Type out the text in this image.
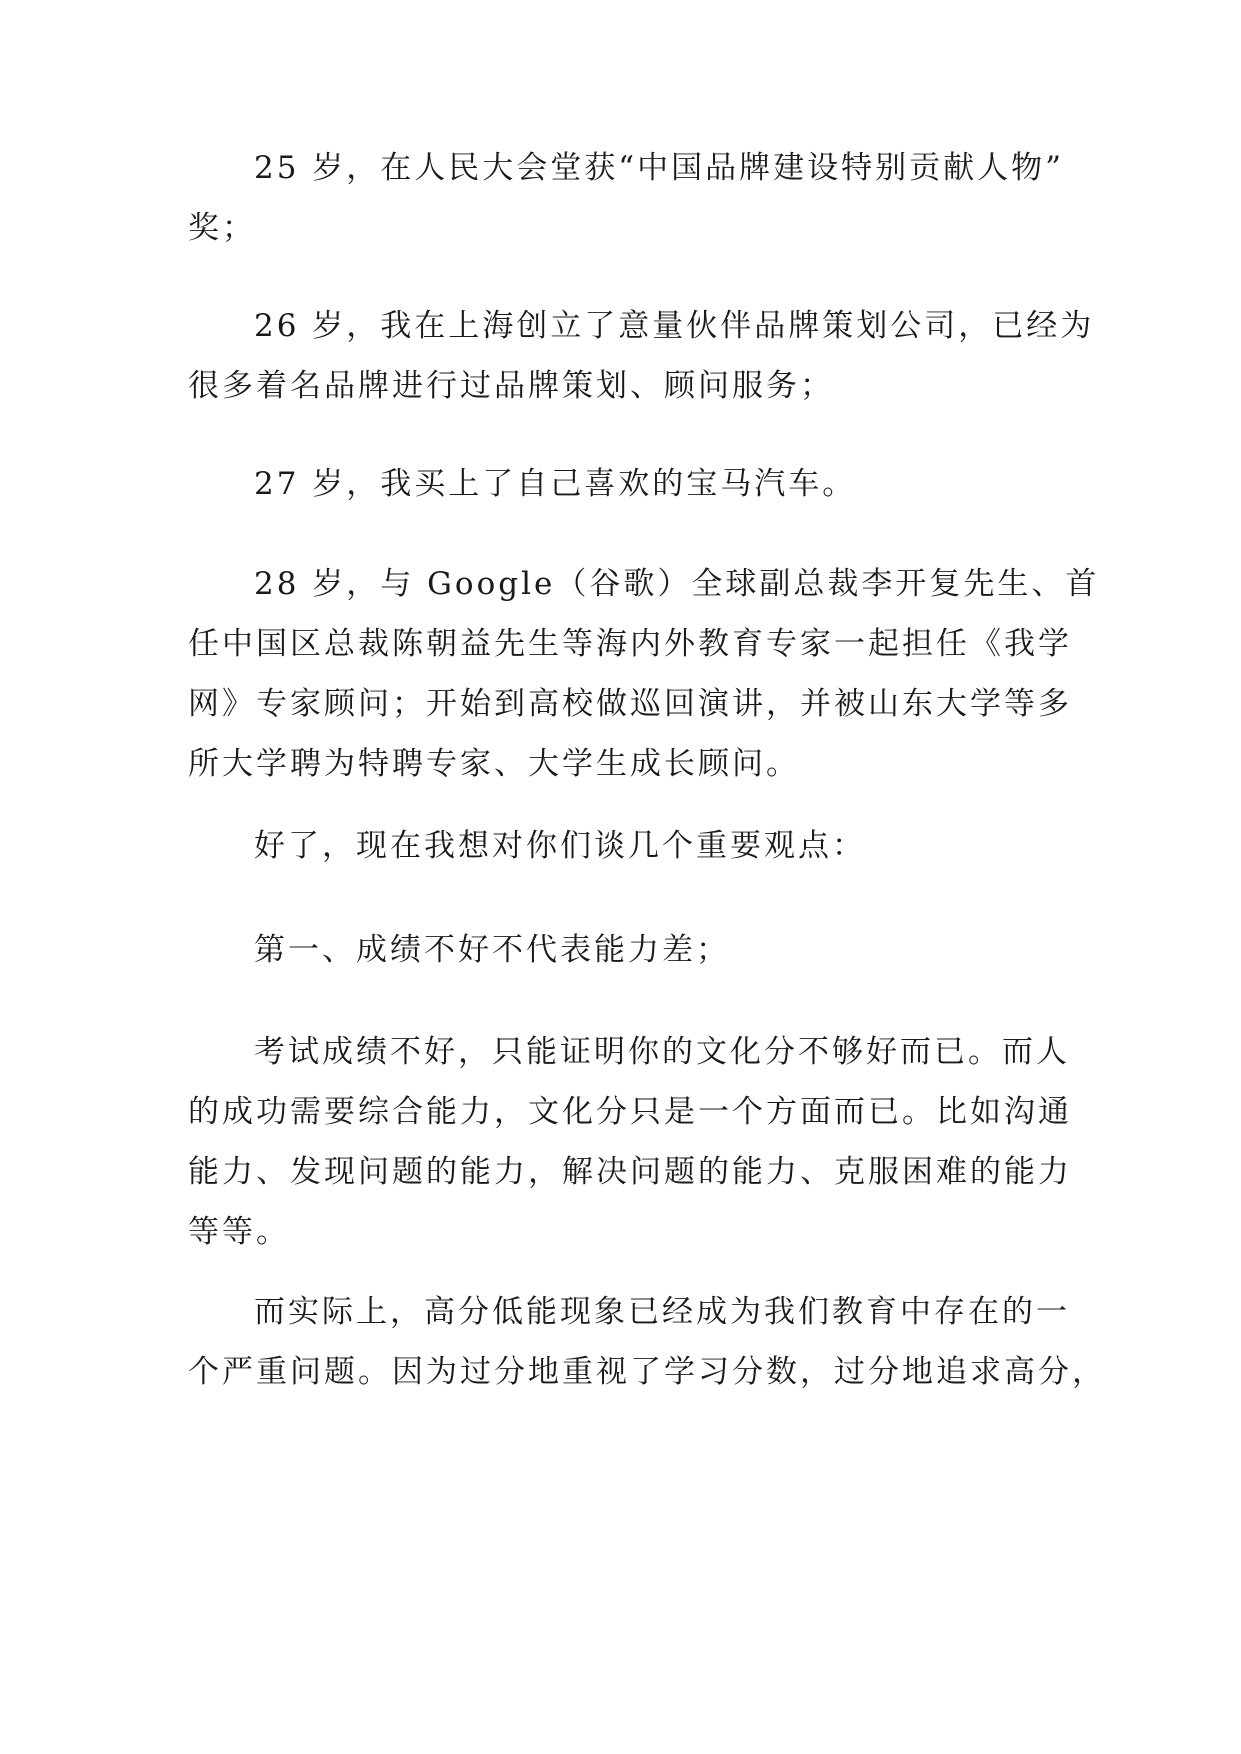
25 岁，在人民大会堂获“中国品牌建设特别贡献人物”
奖；
26 岁，我在上海创立了意量伙伴品牌策划公司，已经为
很多着名品牌进行过品牌策划、顾问服务；
27 岁，我买上了自己喜欢的宝马汽车。
28 岁，与 Google（谷歌）全球副总裁李开复先生、首
任中国区总裁陈朝益先生等海内外教育专家一起担任《我学
网》专家顾问；开始到高校做巡回演讲，并被山东大学等多
所大学聘为特聘专家、大学生成长顾问。
好了，现在我想对你们谈几个重要观点：
第一、成绩不好不代表能力差；
考试成绩不好，只能证明你的文化分不够好而已。而人
的成功需要综合能力，文化分只是一个方面而已。比如沟通
能力、发现问题的能力，解决问题的能力、克服困难的能力
等等。
而实际上，高分低能现象已经成为我们教育中存在的一
个严重问题。因为过分地重视了学习分数，过分地追求高分，
